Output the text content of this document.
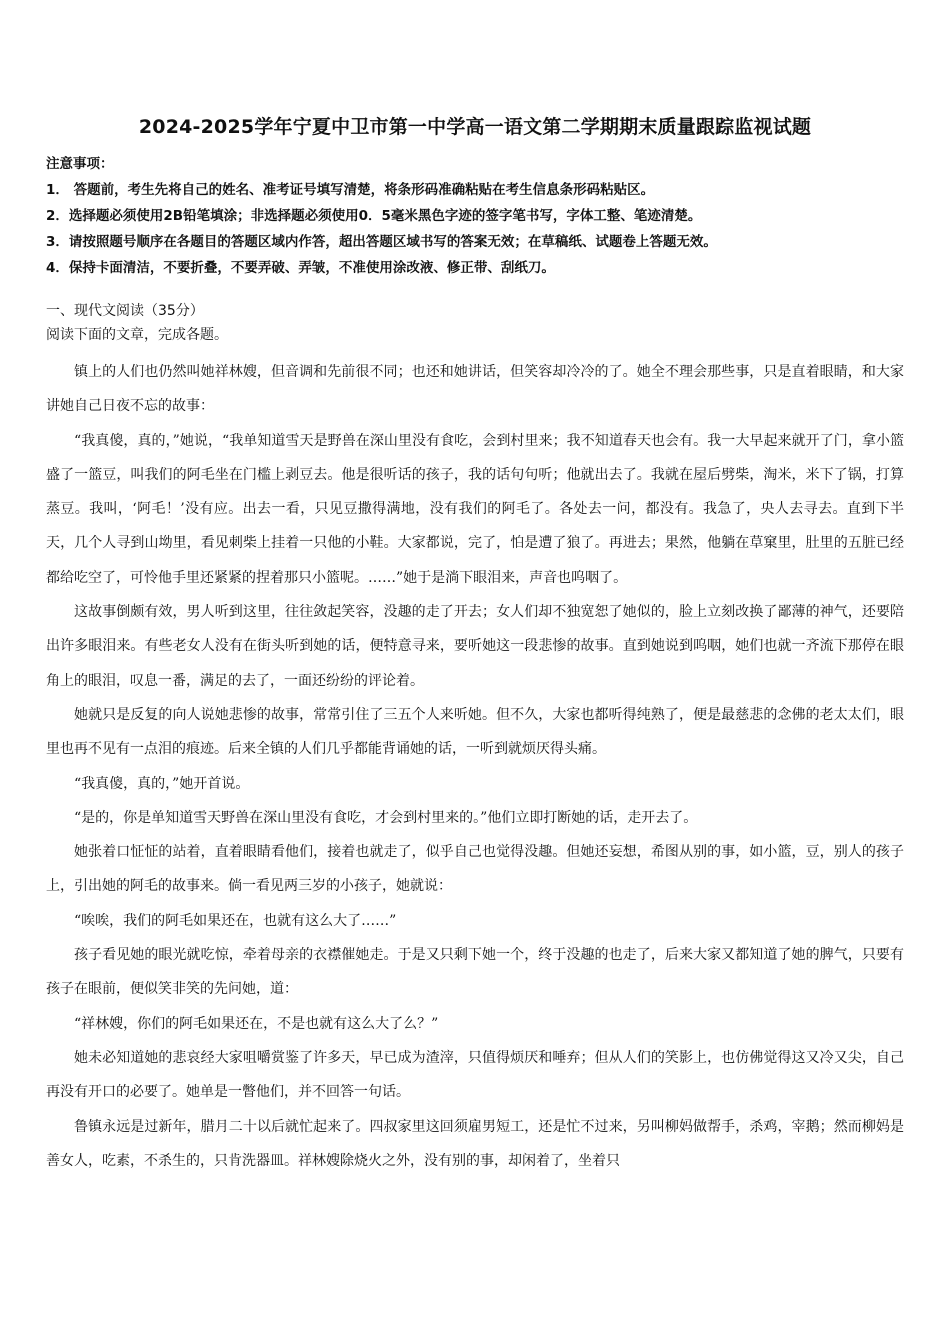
2024-2025学年宁夏中卫市第一中学高一语文第二学期期末质量跟踪监视试题
注意事项：
1． 答题前，考生先将自己的姓名、准考证号填写清楚，将条形码准确粘贴在考生信息条形码粘贴区。
2．选择题必须使用2B铅笔填涂；非选择题必须使用0．5毫米黑色字迹的签字笔书写，字体工整、笔迹清楚。
3．请按照题号顺序在各题目的答题区域内作答，超出答题区域书写的答案无效；在草稿纸、试题卷上答题无效。
4．保持卡面清洁，不要折叠，不要弄破、弄皱，不准使用涂改液、修正带、刮纸刀。
一、现代文阅读（35分）
阅读下面的文章，完成各题。

镇上的人们也仍然叫她祥林嫂，但音调和先前很不同；也还和她讲话，但笑容却冷冷的了。她全不理会那些事，只是直着眼睛，和大家讲她自己日夜不忘的故事：

“我真傻，真的，”她说，“我单知道雪天是野兽在深山里没有食吃，会到村里来；我不知道春天也会有。我一大早起来就开了门，拿小篮盛了一篮豆，叫我们的阿毛坐在门槛上剥豆去。他是很听话的孩子，我的话句句听；他就出去了。我就在屋后劈柴，淘米，米下了锅，打算蒸豆。我叫，‘阿毛！’没有应。出去一看，只见豆撒得满地，没有我们的阿毛了。各处去一问，都没有。我急了，央人去寻去。直到下半天，几个人寻到山坳里，看见刺柴上挂着一只他的小鞋。大家都说，完了，怕是遭了狼了。再进去；果然，他躺在草窠里，肚里的五脏已经都给吃空了，可怜他手里还紧紧的捏着那只小篮呢。……”她于是淌下眼泪来，声音也呜咽了。

这故事倒颇有效，男人听到这里，往往敛起笑容，没趣的走了开去；女人们却不独宽恕了她似的，脸上立刻改换了鄙薄的神气，还要陪出许多眼泪来。有些老女人没有在街头听到她的话，便特意寻来，要听她这一段悲惨的故事。直到她说到呜咽，她们也就一齐流下那停在眼角上的眼泪，叹息一番，满足的去了，一面还纷纷的评论着。

她就只是反复的向人说她悲惨的故事，常常引住了三五个人来听她。但不久，大家也都听得纯熟了，便是最慈悲的念佛的老太太们，眼里也再不见有一点泪的痕迹。后来全镇的人们几乎都能背诵她的话，一听到就烦厌得头痛。

“我真傻，真的，”她开首说。

“是的，你是单知道雪天野兽在深山里没有食吃，才会到村里来的。”他们立即打断她的话，走开去了。

她张着口怔怔的站着，直着眼睛看他们，接着也就走了，似乎自己也觉得没趣。但她还妄想，希图从别的事，如小篮，豆，别人的孩子上，引出她的阿毛的故事来。倘一看见两三岁的小孩子，她就说：

“唉唉，我们的阿毛如果还在，也就有这么大了……”

孩子看见她的眼光就吃惊，牵着母亲的衣襟催她走。于是又只剩下她一个，终于没趣的也走了，后来大家又都知道了她的脾气，只要有孩子在眼前，便似笑非笑的先问她，道：

“祥林嫂，你们的阿毛如果还在，不是也就有这么大了么？”

她未必知道她的悲哀经大家咀嚼赏鉴了许多天，早已成为渣滓，只值得烦厌和唾弃；但从人们的笑影上，也仿佛觉得这又冷又尖，自己再没有开口的必要了。她单是一瞥他们，并不回答一句话。

鲁镇永远是过新年，腊月二十以后就忙起来了。四叔家里这回须雇男短工，还是忙不过来，另叫柳妈做帮手，杀鸡，宰鹅；然而柳妈是善女人，吃素，不杀生的，只肯洗器皿。祥林嫂除烧火之外，没有别的事，却闲着了，坐着只
